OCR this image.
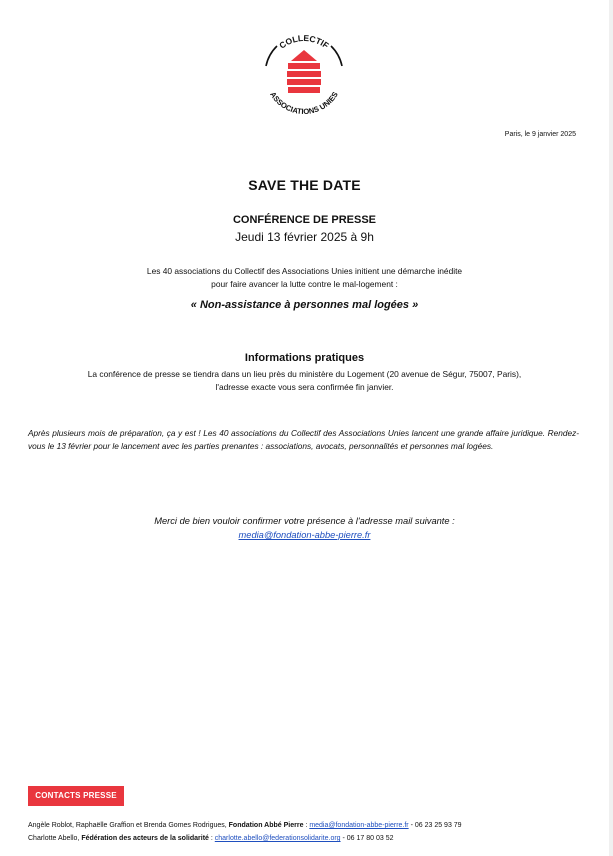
COLLECTIF
ASSOCIATIONS UNIES
Paris, le 9 janvier 2025
SAVE THE DATE
CONFÉRENCE DE PRESSE
Jeudi 13 février 2025 à 9h
Les 40 associations du Collectif des Associations Unies initient une démarche inédite
pour faire avancer la lutte contre le mal-logement :
« Non-assistance à personnes mal logées »
Informations pratiques
La conférence de presse se tiendra dans un lieu près du ministère du Logement (20 avenue de Ségur, 75007, Paris),
l'adresse exacte vous sera confirmée fin janvier.
Après plusieurs mois de préparation, ça y est ! Les 40 associations du Collectif des Associations Unies lancent une grande affaire juridique. Rendez-vous le 13 février pour le lancement avec les parties prenantes : associations, avocats, personnalités et personnes mal logées.
Merci de bien vouloir confirmer votre présence à l'adresse mail suivante :
media@fondation-abbe-pierre.fr
CONTACTS PRESSE
Angèle Roblot, Raphaëlle Graffion et Brenda Gomes Rodrigues, Fondation Abbé Pierre : media@fondation-abbe-pierre.fr - 06 23 25 93 79
Charlotte Abello, Fédération des acteurs de la solidarité : charlotte.abello@federationsolidarite.org - 06 17 80 03 52
